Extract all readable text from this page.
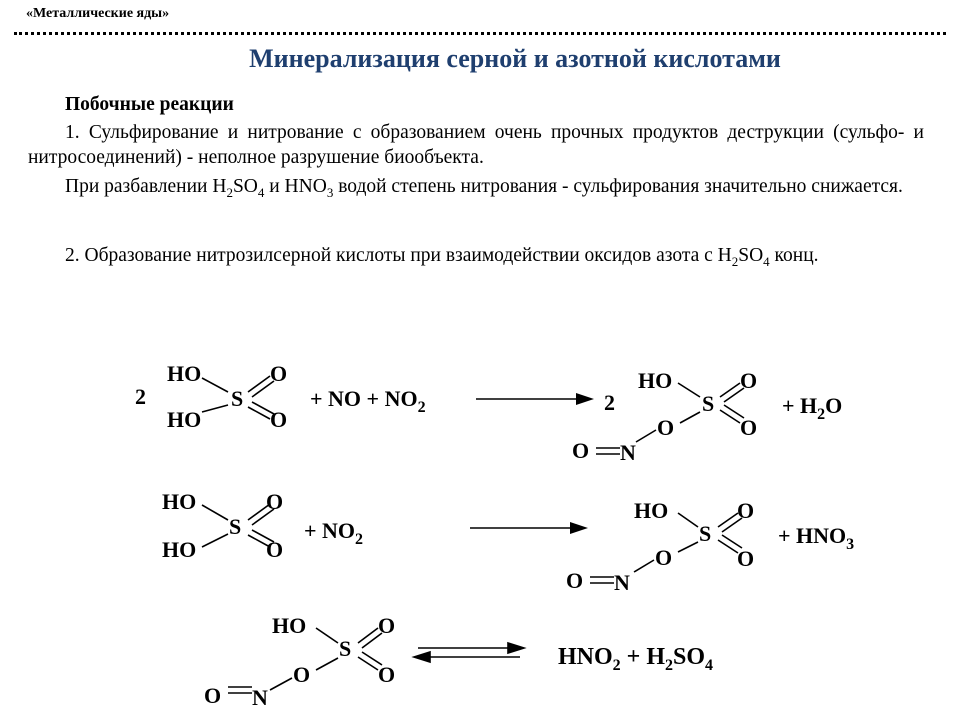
«Металлические яды»
Минерализация серной и азотной кислотами
Побочные реакции

1. Сульфирование и нитрование с образованием очень прочных продуктов деструкции (сульфо- и нитросоединений) - неполное разрушение биообъекта.

При разбавлении $H_2SO_4$ и $HNO_3$ водой степень нитрования - сульфирования значительно снижается.

2. Образование нитрозилсерной кислоты при взаимодействии оксидов азота с $H_2SO_4$ конц.

2
HO
HO
S
O
O
+ NO + $NO_2$	2
HO
S
O
O
O
N
O
+ $H_2O$
HO
HO
S
O
O
+ $NO_2$
HO
S
O
O
O
N
O
+ $HNO_3$
HO
S
O
O
O
N
O
$HNO_2 + H_2SO_4$
